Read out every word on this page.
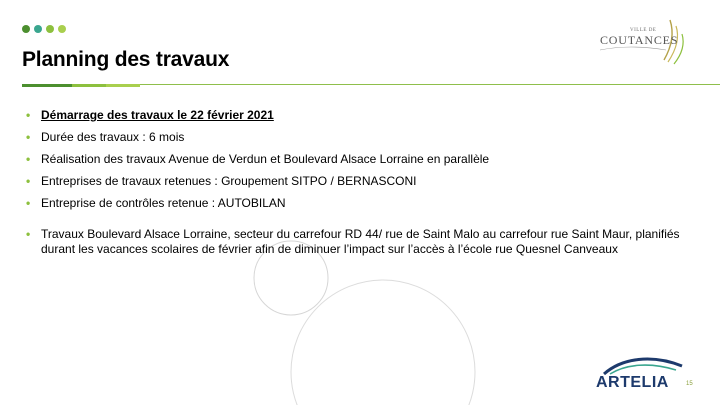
Planning des travaux
VILLE DE
COUTANCES
• Démarrage des travaux le 22 février 2021
• Durée des travaux : 6 mois
• Réalisation des travaux Avenue de Verdun et Boulevard Alsace Lorraine en parallèle
• Entreprises de travaux retenues : Groupement SITPO / BERNASCONI
• Entreprise de contrôles retenue : AUTOBILAN
• Travaux Boulevard Alsace Lorraine, secteur du carrefour RD 44/ rue de Saint Malo au carrefour rue Saint Maur, planifiés durant les vacances scolaires de février afin de diminuer l’impact sur l’accès à l’école rue Quesnel Canveaux
ARTELIA	15
